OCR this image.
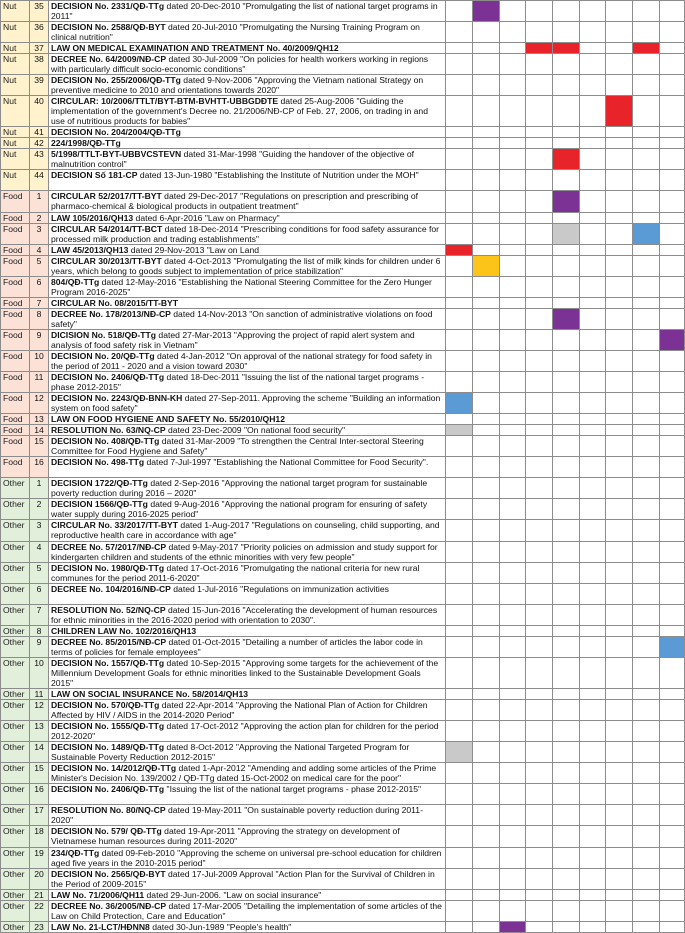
Nut	35	DECISION No. 2331/QĐ-TTg dated 20-Dec-2010 "Promulgating the list of national target programs in 2011"									
Nut	36	DECISION No. 2588/QĐ-BYT dated 20-Jul-2010 "Promulgating the Nursing Training Program on clinical nutrition"									
Nut	37	LAW ON MEDICAL EXAMINATION AND TREATMENT No. 40/2009/QH12									
Nut	38	DECREE No. 64/2009/NĐ-CP dated 30-Jul-2009 "On policies for health workers working in regions with particularly difficult socio-economic conditions"									
Nut	39	DECISION No. 255/2006/QĐ-TTg dated 9-Nov-2006 "Approving the Vietnam national Strategy on preventive medicine to 2010 and orientations towards 2020"									
Nut	40	CIRCULAR: 10/2006/TTLT/BYT-BTM-BVHTT-UBBGDĐTE dated 25-Aug-2006 "Guiding the implementation of the government's Decree no. 21/2006/NĐ-CP of Feb. 27, 2006, on trading in and use of nutritious products for babies"									
Nut	41	DECISION No. 204/2004/QĐ-TTg									
Nut	42	224/1998/QĐ-TTg									
Nut	43	5/1998/TTLT-BYT-UBBVCSTEVN dated 31-Mar-1998 "Guiding the handover of the objective of malnutrition control"									
Nut	44	DECISION Số 181-CP dated 13-Jun-1980 "Establishing the Institute of Nutrition under the MOH"									
Food	1	CIRCULAR 52/2017/TT-BYT dated 29-Dec-2017 "Regulations on prescription and prescribing of pharmaco-chemical & biological products in outpatient treatment"									
Food	2	LAW 105/2016/QH13 dated 6-Apr-2016 "Law on Pharmacy"									
Food	3	CIRCULAR 54/2014/TT-BCT dated 18-Dec-2014 "Prescribing conditions for food safety assurance for processed milk production and trading establishments"									
Food	4	LAW 45/2013/QH13 dated 29-Nov-2013 "Law on Land									
Food	5	CIRCULAR 30/2013/TT-BYT dated 4-Oct-2013 "Promulgating the list of milk kinds for children under 6 years, which belong to goods subject to implementation of price stabilization"									
Food	6	804/QĐ-TTg dated 12-May-2016 "Establishing the National Steering Committee for the Zero Hunger Program 2016-2025"									
Food	7	CIRCULAR No. 08/2015/TT-BYT									
Food	8	DECREE No. 178/2013/NĐ-CP dated 14-Nov-2013 "On sanction of administrative violations on food safety"									
Food	9	DICISION No. 518/QĐ-TTg dated 27-Mar-2013 "Approving the project of rapid alert system and analysis of food safety risk in Vietnam"									
Food	10	DECISION No. 20/QĐ-TTg dated 4-Jan-2012 "On approval of the national strategy for food safety in the period of 2011 - 2020 and a vision toward 2030"									
Food	11	DECISION No. 2406/QĐ-TTg dated 18-Dec-2011 "Issuing the list of the national target programs - phase 2012-2015"									
Food	12	DECISION No. 2243/QĐ-BNN-KH dated 27-Sep-2011. Approving the scheme "Building an information system on food safety"									
Food	13	LAW ON FOOD HYGIENE AND SAFETY No. 55/2010/QH12									
Food	14	RESOLUTION No. 63/NQ-CP dated 23-Dec-2009 "On national food security"									
Food	15	DECISION No. 408/QĐ-TTg dated 31-Mar-2009 "To strengthen the Central Inter-sectoral Steering Committee for Food Hygiene and Safety"									
Food	16	DECISION No. 498-TTg dated 7-Jul-1997 "Establishing the National Committee for Food Security".									
Other	1	DECISION 1722/QĐ-TTg dated 2-Sep-2016 "Approving the national target program for sustainable poverty reduction during 2016 – 2020"									
Other	2	DECISION 1566/QĐ-TTg dated 9-Aug-2016 "Approving the national program for ensuring of safety water supply during 2016-2025 period"									
Other	3	CIRCULAR No. 33/2017/TT-BYT dated 1-Aug-2017 "Regulations on counseling, child supporting, and reproductive health care in accordance with age"									
Other	4	DECREE No. 57/2017/NĐ-CP dated 9-May-2017 "Priority policies on admission and study support for kindergarten children and students of the ethnic minorities with very few people"									
Other	5	DECISION No. 1980/QĐ-TTg dated 17-Oct-2016 "Promulgating the national criteria for new rural communes for the period 2011-6-2020"									
Other	6	DECREE No. 104/2016/NĐ-CP dated 1-Jul-2016 "Regulations on immunization activities									
Other	7	RESOLUTION No. 52/NQ-CP dated 15-Jun-2016 "Accelerating the development of human resources for ethnic minorities in the 2016-2020 period with orientation to 2030".									
Other	8	CHILDREN LAW No. 102/2016/QH13									
Other	9	DECREE No. 85/2015/NĐ-CP dated 01-Oct-2015 "Detailing a number of articles the labor code in terms of policies for female employees"									
Other	10	DECISION No. 1557/QĐ-TTg dated 10-Sep-2015 "Approving some targets for the achievement of the Millennium Development Goals for ethnic minorities linked to the Sustainable Development Goals 2015"									
Other	11	LAW ON SOCIAL INSURANCE No. 58/2014/QH13									
Other	12	DECISION No. 570/QĐ-TTg dated 22-Apr-2014 "Approving the National Plan of Action for Children Affected by HIV / AIDS in the 2014-2020 Period"									
Other	13	DECISION No. 1555/QĐ-TTg dated 17-Oct-2012 "Approving the action plan for children for the period 2012-2020"									
Other	14	DECISION No. 1489/QĐ-TTg dated 8-Oct-2012 "Approving the National Targeted Program for Sustainable Poverty Reduction 2012-2015"									
Other	15	DECISION No. 14/2012/QĐ-TTg dated 1-Apr-2012 "Amending and adding some articles of the Prime Minister's Decision No. 139/2002 / QĐ-TTg dated 15-Oct-2002 on medical care for the poor"									
Other	16	DECISION No. 2406/QĐ-TTg "Issuing the list of the national target programs - phase 2012-2015"									
Other	17	RESOLUTION No. 80/NQ-CP dated 19-May-2011 "On sustainable poverty reduction during 2011-2020"									
Other	18	DECISION No. 579/ QĐ-TTg dated 19-Apr-2011 "Approving the strategy on development of Vietnamese human resources during 2011-2020"									
Other	19	234/QĐ-TTg dated 09-Feb-2010 "Approving the scheme on universal pre-school education for children aged five years in the 2010-2015 period"									
Other	20	DECISION No. 2565/QĐ-BYT dated 17-Jul-2009 Approval "Action Plan for the Survival of Children in the Period of 2009-2015"									
Other	21	LAW No. 71/2006/QH11 dated 29-Jun-2006. "Law on social insurance"									
Other	22	DECREE No. 36/2005/NĐ-CP dated 17-Mar-2005 "Detailing the implementation of some articles of the Law on Child Protection, Care and Education"									
Other	23	LAW No. 21-LCT/HĐNN8 dated 30-Jun-1989 "People's health"									
